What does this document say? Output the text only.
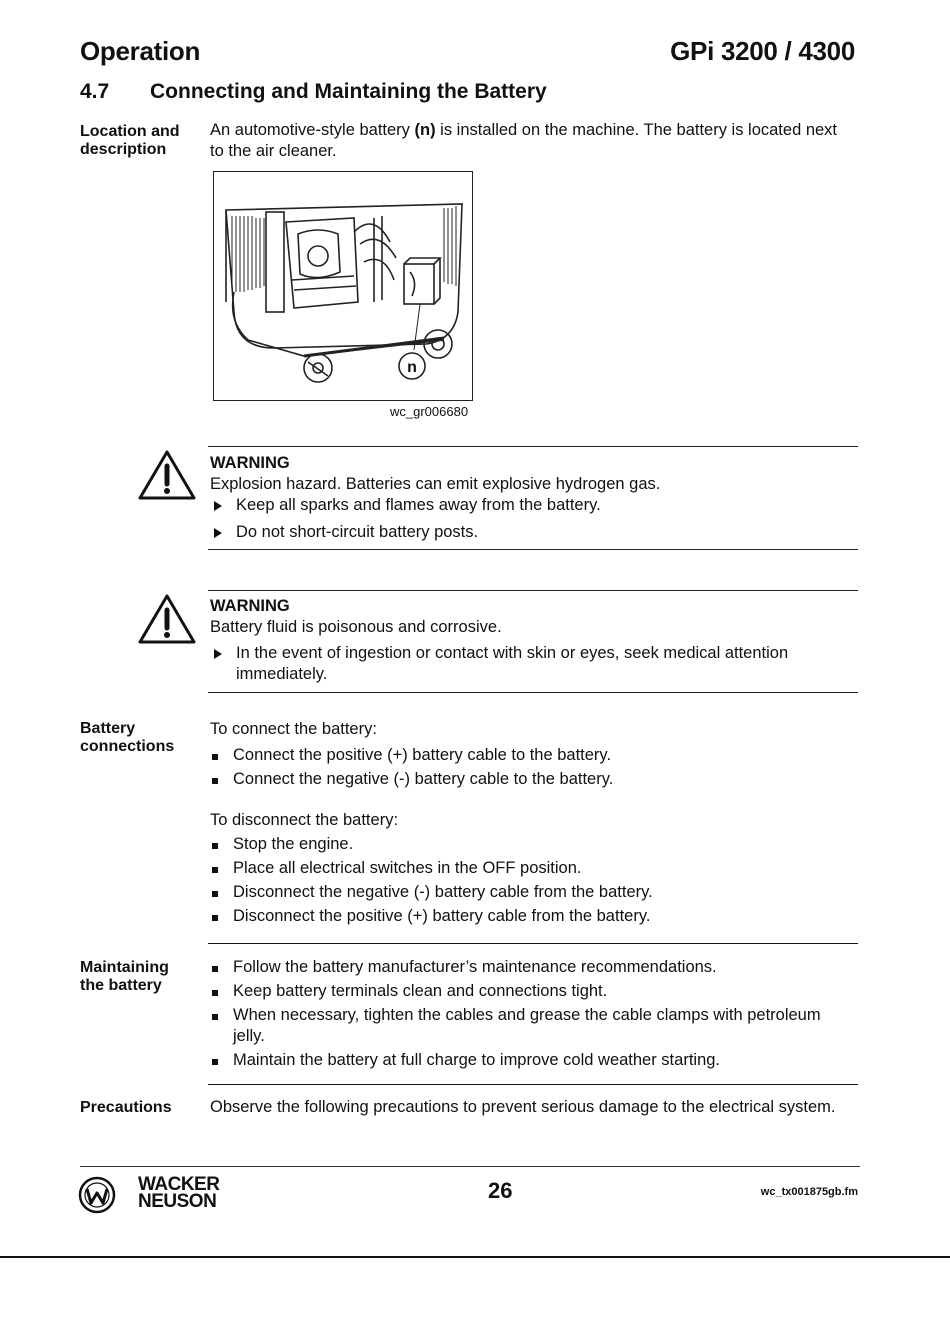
Operation	GPi 3200 / 4300
4.7 Connecting and Maintaining the Battery
Location and
description

An automotive-style battery (n) is installed on the machine. The battery is located next to the air cleaner.

n
wc_gr006680
WARNING

Explosion hazard. Batteries can emit explosive hydrogen gas.

Keep all sparks and flames away from the battery.
Do not short-circuit battery posts.
WARNING

Battery fluid is poisonous and corrosive.

In the event of ingestion or contact with skin or eyes, seek medical attention immediately.
Battery
connections

To connect the battery:

Connect the positive (+) battery cable to the battery.
Connect the negative (-) battery cable to the battery.

To disconnect the battery:

Stop the engine.
Place all electrical switches in the OFF position.
Disconnect the negative (-) battery cable from the battery.
Disconnect the positive (+) battery cable from the battery.
Maintaining
the battery
Follow the battery manufacturer’s maintenance recommendations.
Keep battery terminals clean and connections tight.
When necessary, tighten the cables and grease the cable clamps with petroleum jelly.
Maintain the battery at full charge to improve cold weather starting.
Precautions	Observe the following precautions to prevent serious damage to the electrical system.

WACKER
NEUSON	26	wc_tx001875gb.fm
